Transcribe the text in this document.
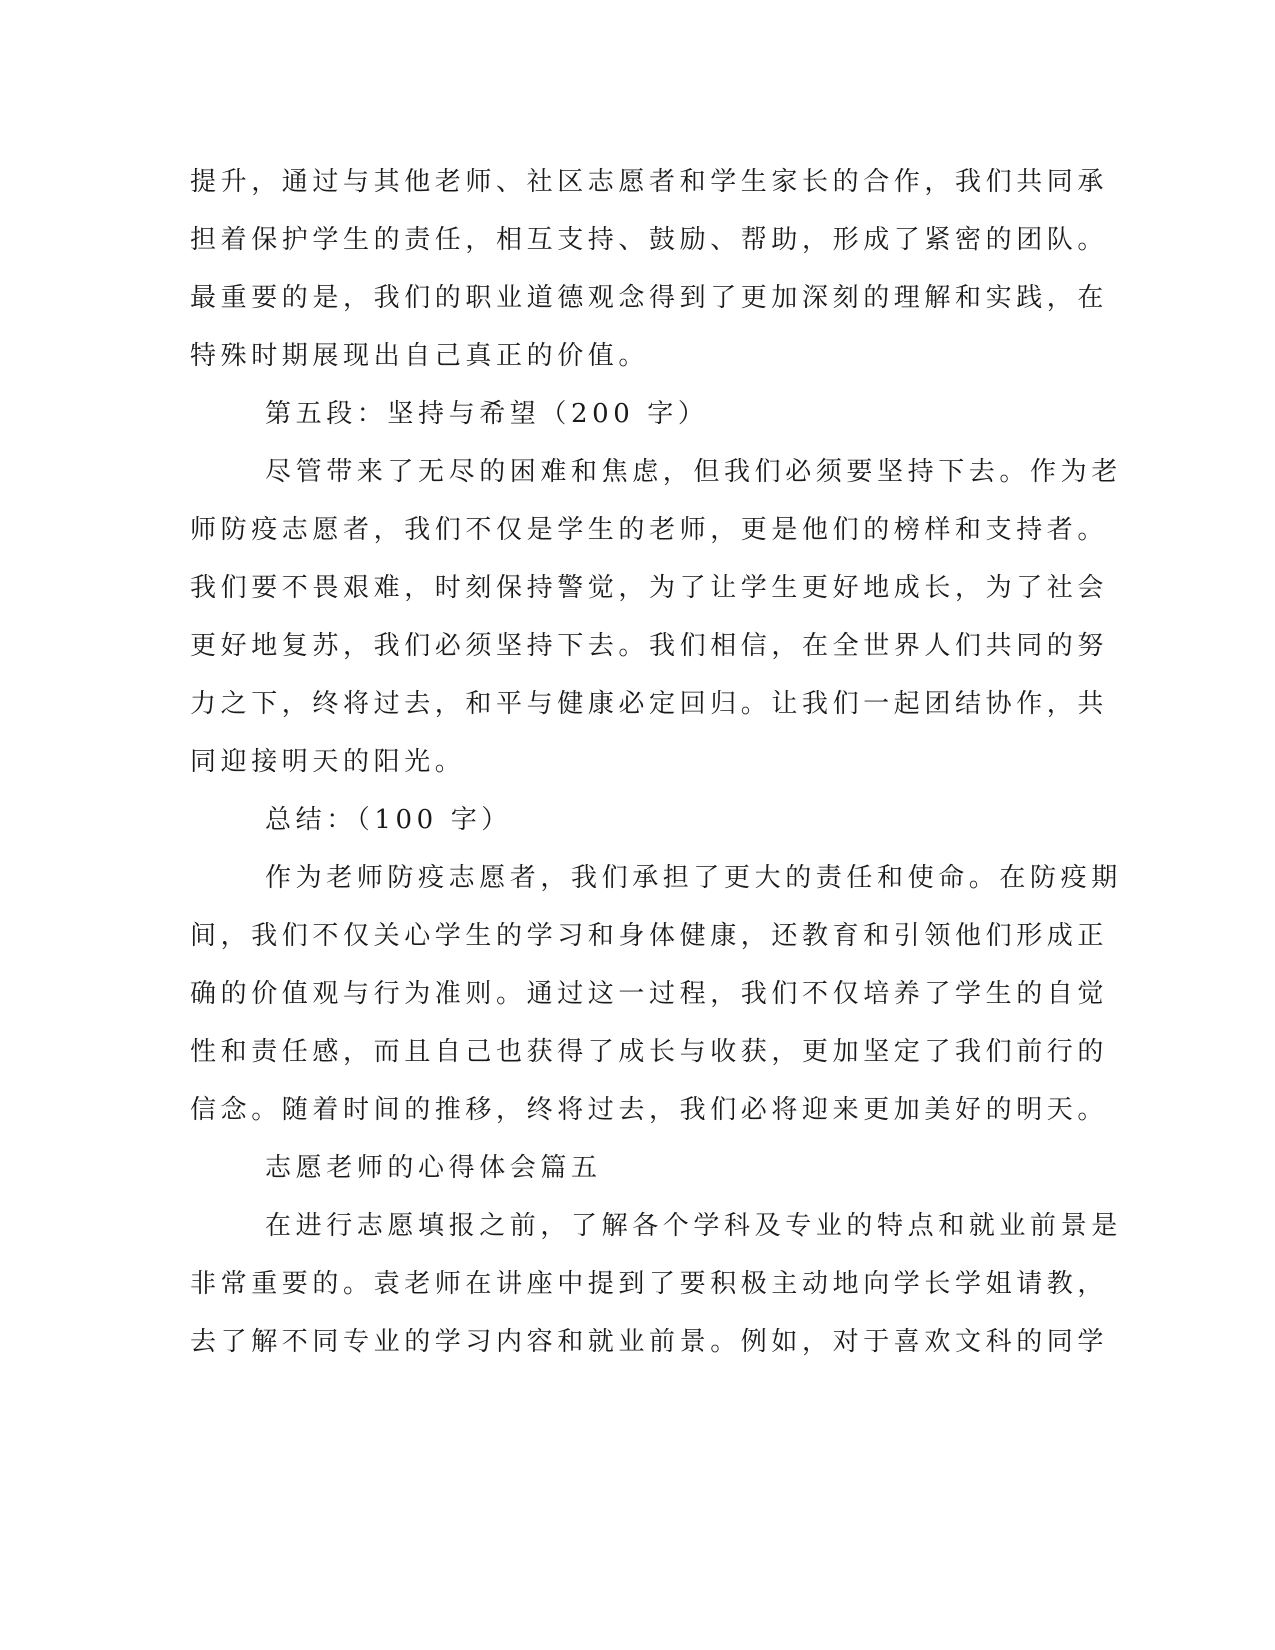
提升，通过与其他老师、社区志愿者和学生家长的合作，我们共同承
担着保护学生的责任，相互支持、鼓励、帮助，形成了紧密的团队。
最重要的是，我们的职业道德观念得到了更加深刻的理解和实践，在
特殊时期展现出自己真正的价值。
第五段：坚持与希望（200 字）
尽管带来了无尽的困难和焦虑，但我们必须要坚持下去。作为老
师防疫志愿者，我们不仅是学生的老师，更是他们的榜样和支持者。
我们要不畏艰难，时刻保持警觉，为了让学生更好地成长，为了社会
更好地复苏，我们必须坚持下去。我们相信，在全世界人们共同的努
力之下，终将过去，和平与健康必定回归。让我们一起团结协作，共
同迎接明天的阳光。
总结：（100 字）
作为老师防疫志愿者，我们承担了更大的责任和使命。在防疫期
间，我们不仅关心学生的学习和身体健康，还教育和引领他们形成正
确的价值观与行为准则。通过这一过程，我们不仅培养了学生的自觉
性和责任感，而且自己也获得了成长与收获，更加坚定了我们前行的
信念。随着时间的推移，终将过去，我们必将迎来更加美好的明天。
志愿老师的心得体会篇五
在进行志愿填报之前，了解各个学科及专业的特点和就业前景是
非常重要的。袁老师在讲座中提到了要积极主动地向学长学姐请教，
去了解不同专业的学习内容和就业前景。例如，对于喜欢文科的同学
